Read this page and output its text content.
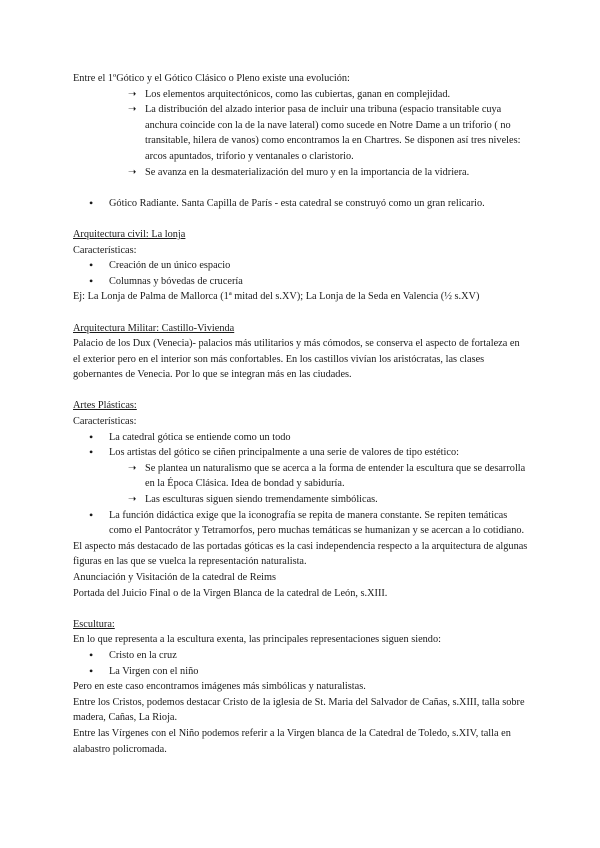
Entre el 1ºGótico y el Gótico Clásico o Pleno existe una evolución:

➝ Los elementos arquitectónicos, como las cubiertas, ganan en complejidad.
➝ La distribución del alzado interior pasa de incluir una tribuna (espacio transitable cuya anchura coincide con la de la nave lateral) como sucede en Notre Dame a un triforio ( no transitable, hilera de vanos) como encontramos la en Chartres. Se disponen así tres niveles: arcos apuntados, triforio y ventanales o claristorio.
➝ Se avanza en la desmaterialización del muro y en la importancia de la vidriera.
• Gótico Radiante. Santa Capilla de París - esta catedral se construyó como un gran relicario.

Arquitectura civil: La lonja

Características:

• Creación de un único espacio
• Columnas y bóvedas de crucería

Ej: La Lonja de Palma de Mallorca (1ª mitad del s.XV); La Lonja de la Seda en Valencia (½ s.XV)

Arquitectura Militar: Castillo-Vivienda

Palacio de los Dux (Venecia)- palacios más utilitarios y más cómodos, se conserva el aspecto de fortaleza en el exterior pero en el interior son más confortables. En los castillos vivían los aristócratas, las clases gobernantes de Venecia. Por lo que se integran más en las ciudades.

Artes Plásticas:

Características:

• La catedral gótica se entiende como un todo
• Los artistas del gótico se ciñen principalmente a una serie de valores de tipo estético:
➝ Se plantea un naturalismo que se acerca a la forma de entender la escultura que se desarrolla en la Época Clásica. Idea de bondad y sabiduría.
➝ Las esculturas siguen siendo tremendamente simbólicas.
• La función didáctica exige que la iconografía se repita de manera constante. Se repiten temáticas como el Pantocrátor y Tetramorfos, pero muchas temáticas se humanizan y se acercan a lo cotidiano.

El aspecto más destacado de las portadas góticas es la casi independencia respecto a la arquitectura de algunas figuras en las que se vuelca la representación naturalista.

Anunciación y Visitación de la catedral de Reims

Portada del Juicio Final o de la Virgen Blanca de la catedral de León, s.XIII.

Escultura:

En lo que representa a la escultura exenta, las principales representaciones siguen siendo:

• Cristo en la cruz
• La Virgen con el niño

Pero en este caso encontramos imágenes más simbólicas y naturalistas.

Entre los Cristos, podemos destacar Cristo de la iglesia de St. Maria del Salvador de Cañas, s.XIII, talla sobre madera, Cañas, La Rioja.

Entre las Vírgenes con el Niño podemos referir a la Virgen blanca de la Catedral de Toledo, s.XIV, talla en alabastro policromada.
